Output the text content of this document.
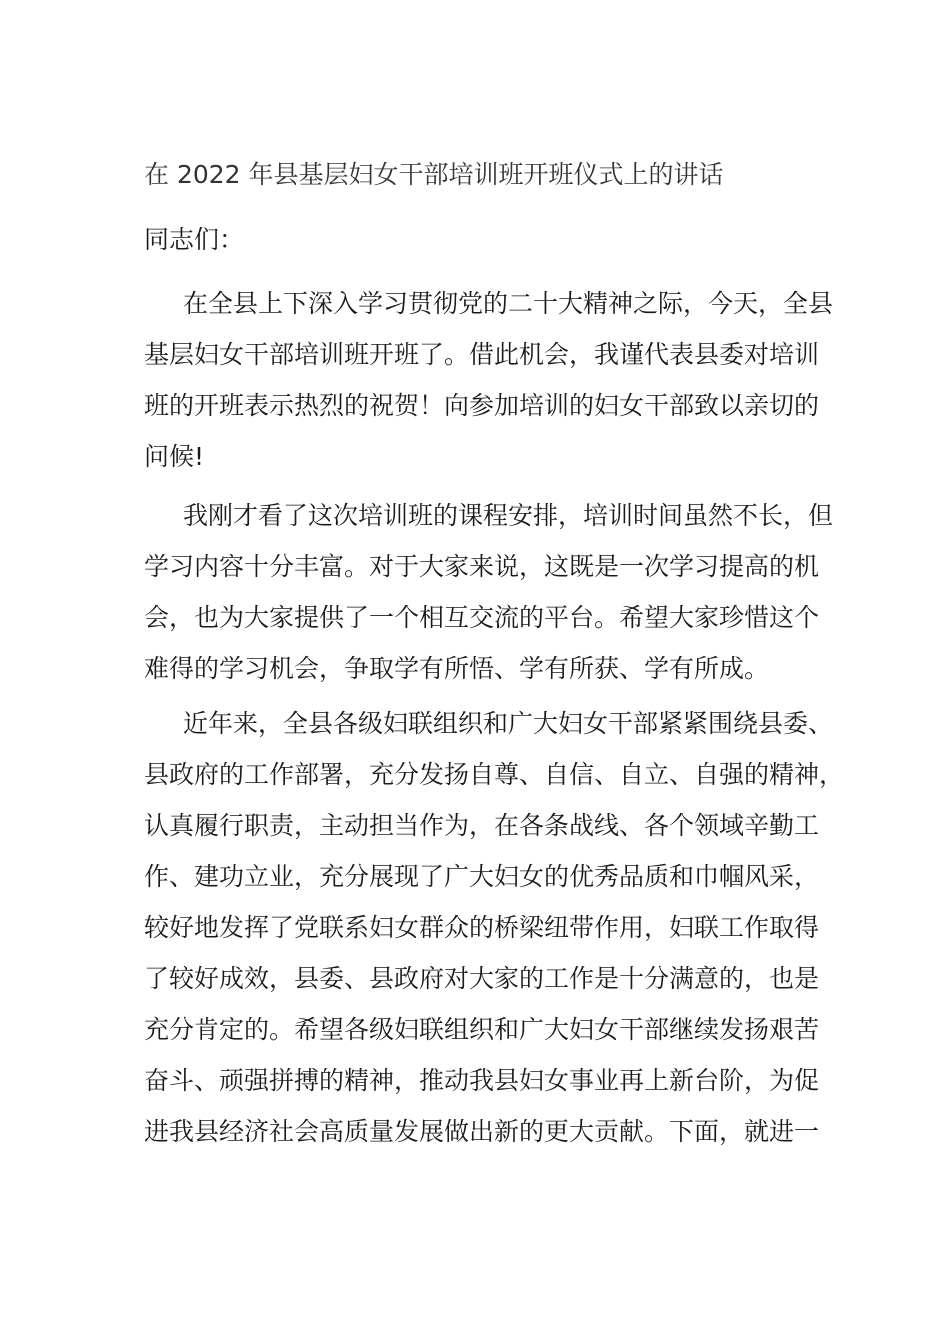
在 2022 年县基层妇女干部培训班开班仪式上的讲话
同志们：
在全县上下深入学习贯彻党的二十大精神之际，今天，全县
基层妇女干部培训班开班了。借此机会，我谨代表县委对培训
班的开班表示热烈的祝贺！向参加培训的妇女干部致以亲切的
问候!
我刚才看了这次培训班的课程安排，培训时间虽然不长，但
学习内容十分丰富。对于大家来说，这既是一次学习提高的机
会，也为大家提供了一个相互交流的平台。希望大家珍惜这个
难得的学习机会，争取学有所悟、学有所获、学有所成。
近年来，全县各级妇联组织和广大妇女干部紧紧围绕县委、
县政府的工作部署，充分发扬自尊、自信、自立、自强的精神，
认真履行职责，主动担当作为，在各条战线、各个领域辛勤工
作、建功立业，充分展现了广大妇女的优秀品质和巾帼风采，
较好地发挥了党联系妇女群众的桥梁纽带作用，妇联工作取得
了较好成效，县委、县政府对大家的工作是十分满意的，也是
充分肯定的。希望各级妇联组织和广大妇女干部继续发扬艰苦
奋斗、顽强拼搏的精神，推动我县妇女事业再上新台阶，为促
进我县经济社会高质量发展做出新的更大贡献。下面，就进一
